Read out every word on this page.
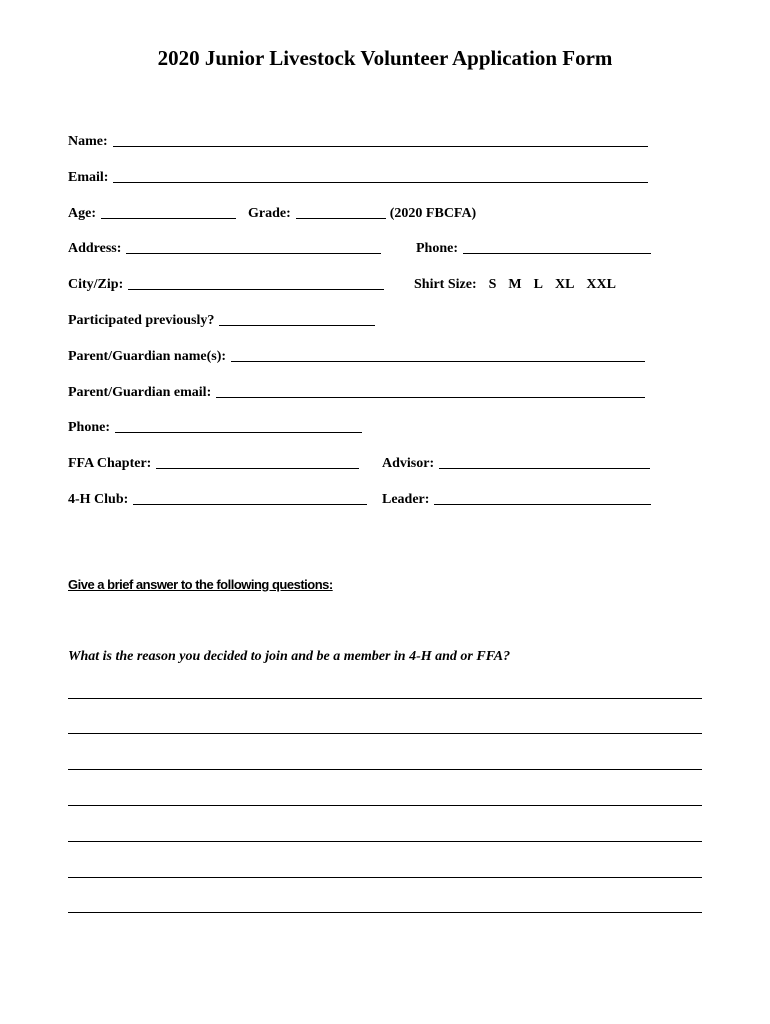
2020 Junior Livestock Volunteer Application Form
Name:
Email:
Age:	Grade:	(2020 FBCFA)
Address:	Phone:
City/Zip:	Shirt Size: S M L XL XXL
Participated previously?
Parent/Guardian name(s):
Parent/Guardian email:
Phone:
FFA Chapter:	Advisor:
4-H Club:	Leader:
Give a brief answer to the following questions:
What is the reason you decided to join and be a member in 4-H and or FFA?
